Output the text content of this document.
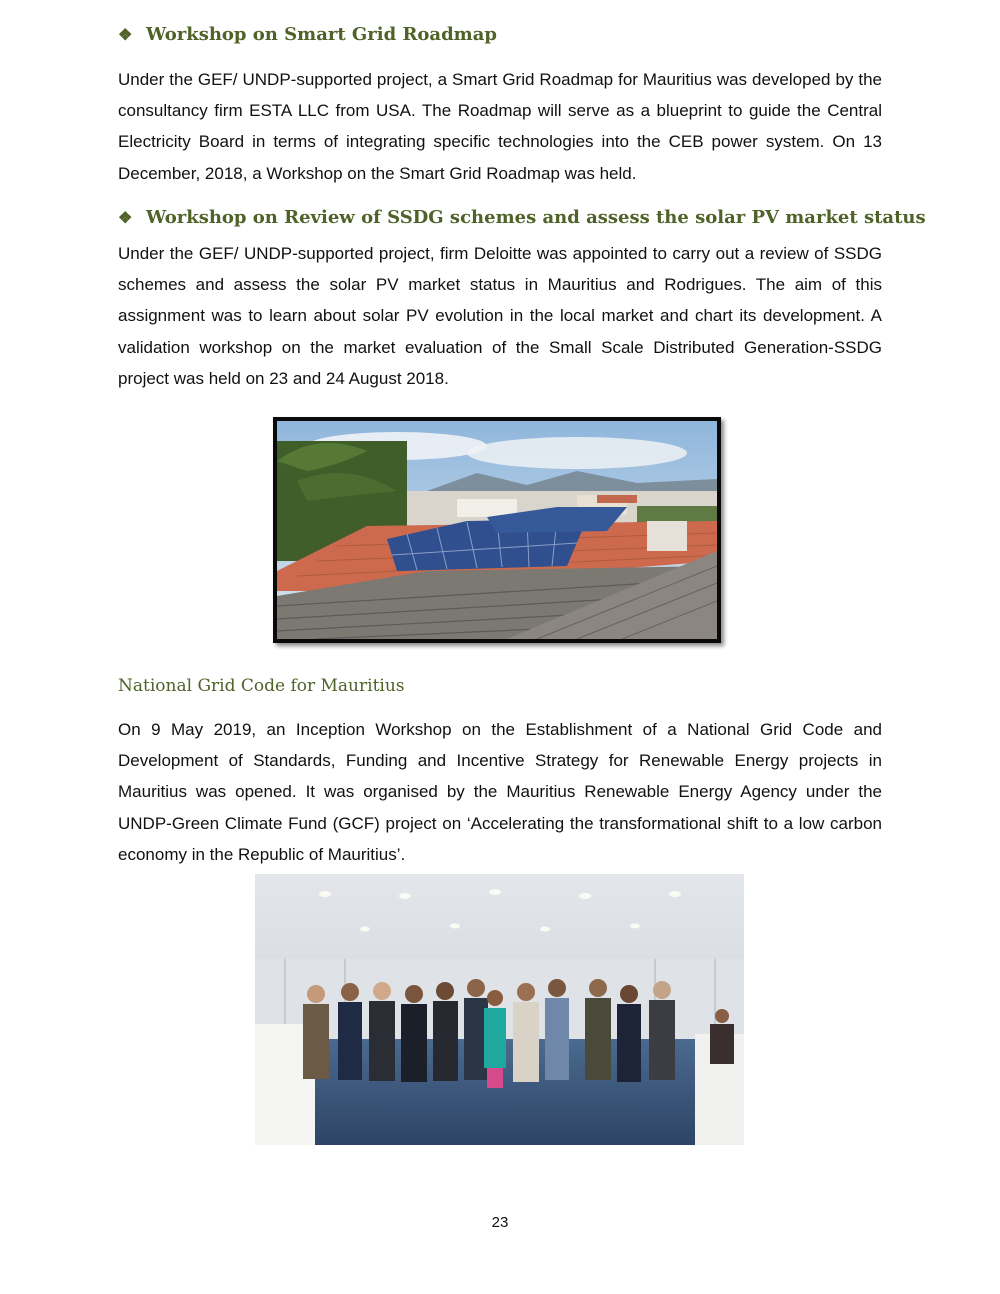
❖ Workshop on Smart Grid Roadmap

Under the GEF/ UNDP-supported project, a Smart Grid Roadmap for Mauritius was developed by the consultancy firm ESTA LLC from USA. The Roadmap will serve as a blueprint to guide the Central Electricity Board in terms of integrating specific technologies into the CEB power system. On 13 December, 2018, a Workshop on the Smart Grid Roadmap was held.

❖ Workshop on Review of SSDG schemes and assess the solar PV market status

Under the GEF/ UNDP-supported project, firm Deloitte was appointed to carry out a review of SSDG schemes and assess the solar PV market status in Mauritius and Rodrigues. The aim of this assignment was to learn about solar PV evolution in the local market and chart its development. A validation workshop on the market evaluation of the Small Scale Distributed Generation-SSDG project was held on 23 and 24 August 2018.

National Grid Code for Mauritius

On 9 May 2019, an Inception Workshop on the Establishment of a National Grid Code and Development of Standards, Funding and Incentive Strategy for Renewable Energy projects in Mauritius was opened. It was organised by the Mauritius Renewable Energy Agency under the UNDP-Green Climate Fund (GCF) project on ‘Accelerating the transformational shift to a low carbon economy in the Republic of Mauritius’.

23
